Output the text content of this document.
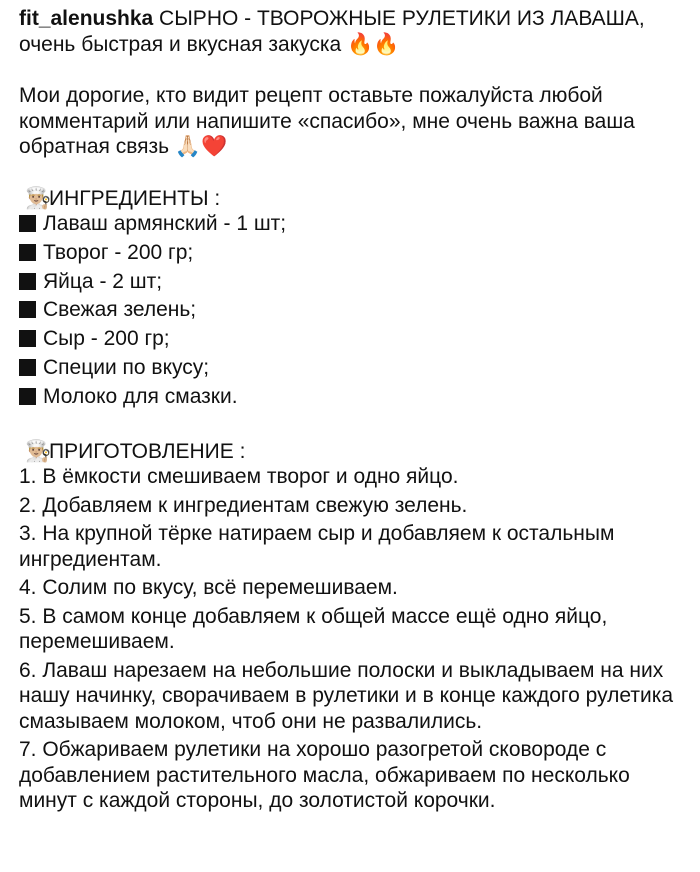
fit_alenushka СЫРНО - ТВОРОЖНЫЕ РУЛЕТИКИ ИЗ ЛАВАША, очень быстрая и вкусная закуска 🔥🔥

Мои дорогие, кто видит рецепт оставьте пожалуйста любой комментарий или напишите «спасибо», мне очень важна ваша обратная связь 🙏🏻❤️

👨🏼‍🍳ИНГРЕДИЕНТЫ :

Лаваш армянский - 1 шт;

Творог - 200 гр;

Яйца - 2 шт;

Свежая зелень;

Сыр - 200 гр;

Специи по вкусу;

Молоко для смазки.

👨🏼‍🍳ПРИГОТОВЛЕНИЕ :

1. В ёмкости смешиваем творог и одно яйцо.

2. Добавляем к ингредиентам свежую зелень.

3. На крупной тёрке натираем сыр и добавляем к остальным ингредиентам.

4. Солим по вкусу, всё перемешиваем.

5. В самом конце добавляем к общей массе ещё одно яйцо, перемешиваем.

6. Лаваш нарезаем на небольшие полоски и выкладываем на них нашу начинку, сворачиваем в рулетики и в конце каждого рулетика смазываем молоком, чтоб они не развалились.

7. Обжариваем рулетики на хорошо разогретой сковороде с добавлением растительного масла, обжариваем по несколько минут с каждой стороны, до золотистой корочки.
